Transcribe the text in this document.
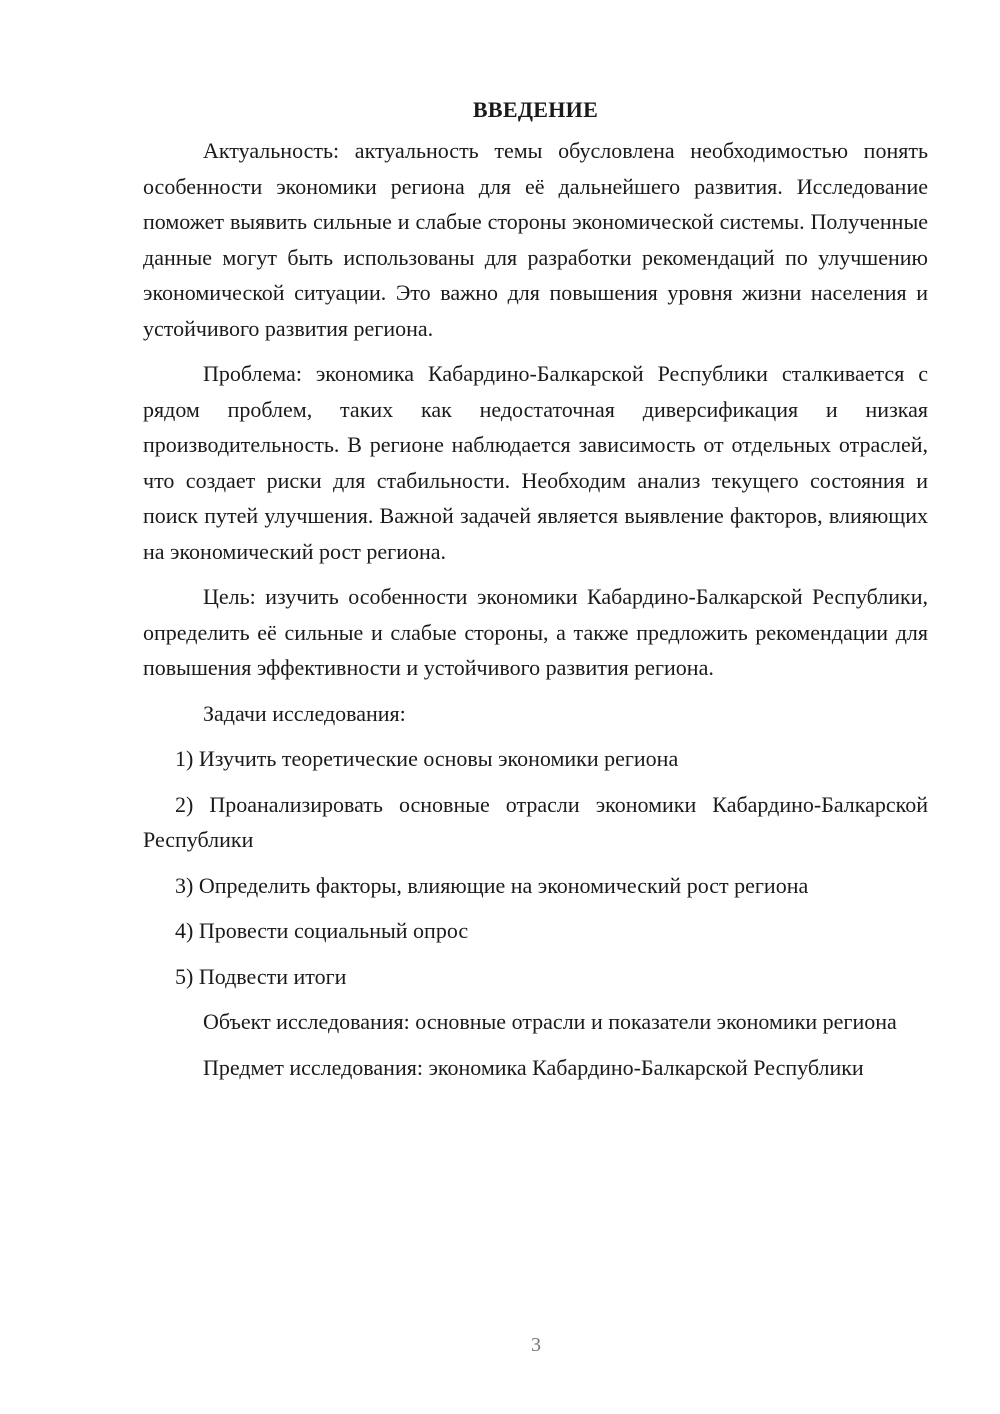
ВВЕДЕНИЕ

Актуальность: актуальность темы обусловлена необходимостью понять особенности экономики региона для её дальнейшего развития. Исследование поможет выявить сильные и слабые стороны экономической системы. Полученные данные могут быть использованы для разработки рекомендаций по улучшению экономической ситуации. Это важно для повышения уровня жизни населения и устойчивого развития региона.

Проблема: экономика Кабардино-Балкарской Республики сталкивается с рядом проблем, таких как недостаточная диверсификация и низкая производительность. В регионе наблюдается зависимость от отдельных отраслей, что создает риски для стабильности. Необходим анализ текущего состояния и поиск путей улучшения. Важной задачей является выявление факторов, влияющих на экономический рост региона.

Цель: изучить особенности экономики Кабардино-Балкарской Республики, определить её сильные и слабые стороны, а также предложить рекомендации для повышения эффективности и устойчивого развития региона.

Задачи исследования:

1) Изучить теоретические основы экономики региона

2) Проанализировать основные отрасли экономики Кабардино-Балкарской Республики

3) Определить факторы, влияющие на экономический рост региона

4) Провести социальный опрос

5) Подвести итоги

Объект исследования: основные отрасли и показатели экономики региона

Предмет исследования: экономика Кабардино-Балкарской Республики

3
